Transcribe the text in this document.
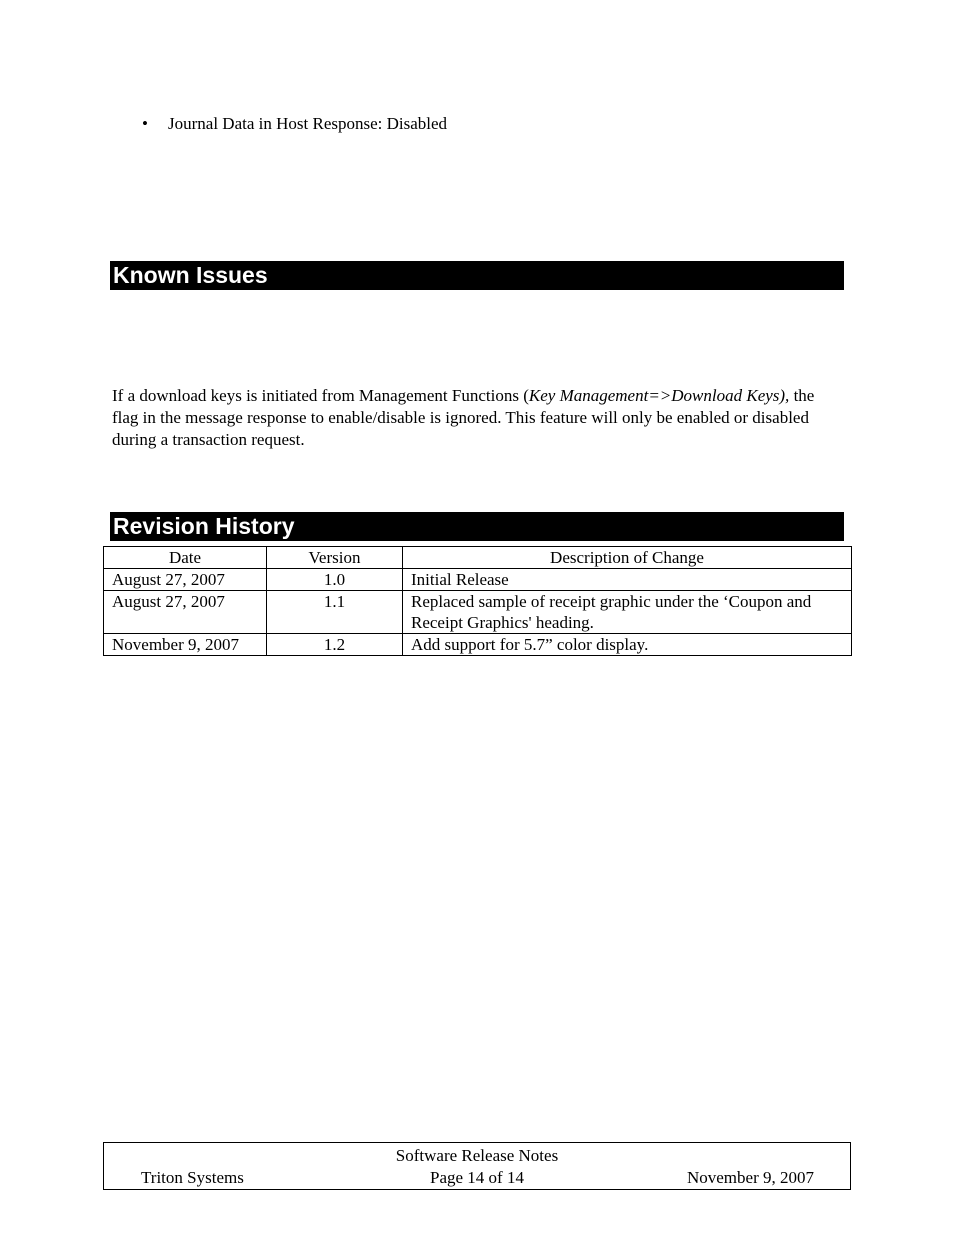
• Journal Data in Host Response: Disabled
Known Issues
If a download keys is initiated from Management Functions (Key Management=>Download Keys), the flag in the message response to enable/disable is ignored. This feature will only be enabled or disabled during a transaction request.
Revision History
Date	Version	Description of Change
August 27, 2007	1.0	Initial Release
August 27, 2007	1.1	Replaced sample of receipt graphic under the ‘Coupon and Receipt Graphics' heading.
November 9, 2007	1.2	Add support for 5.7” color display.
Software Release Notes
Triton Systems	Page 14 of 14	November 9, 2007
